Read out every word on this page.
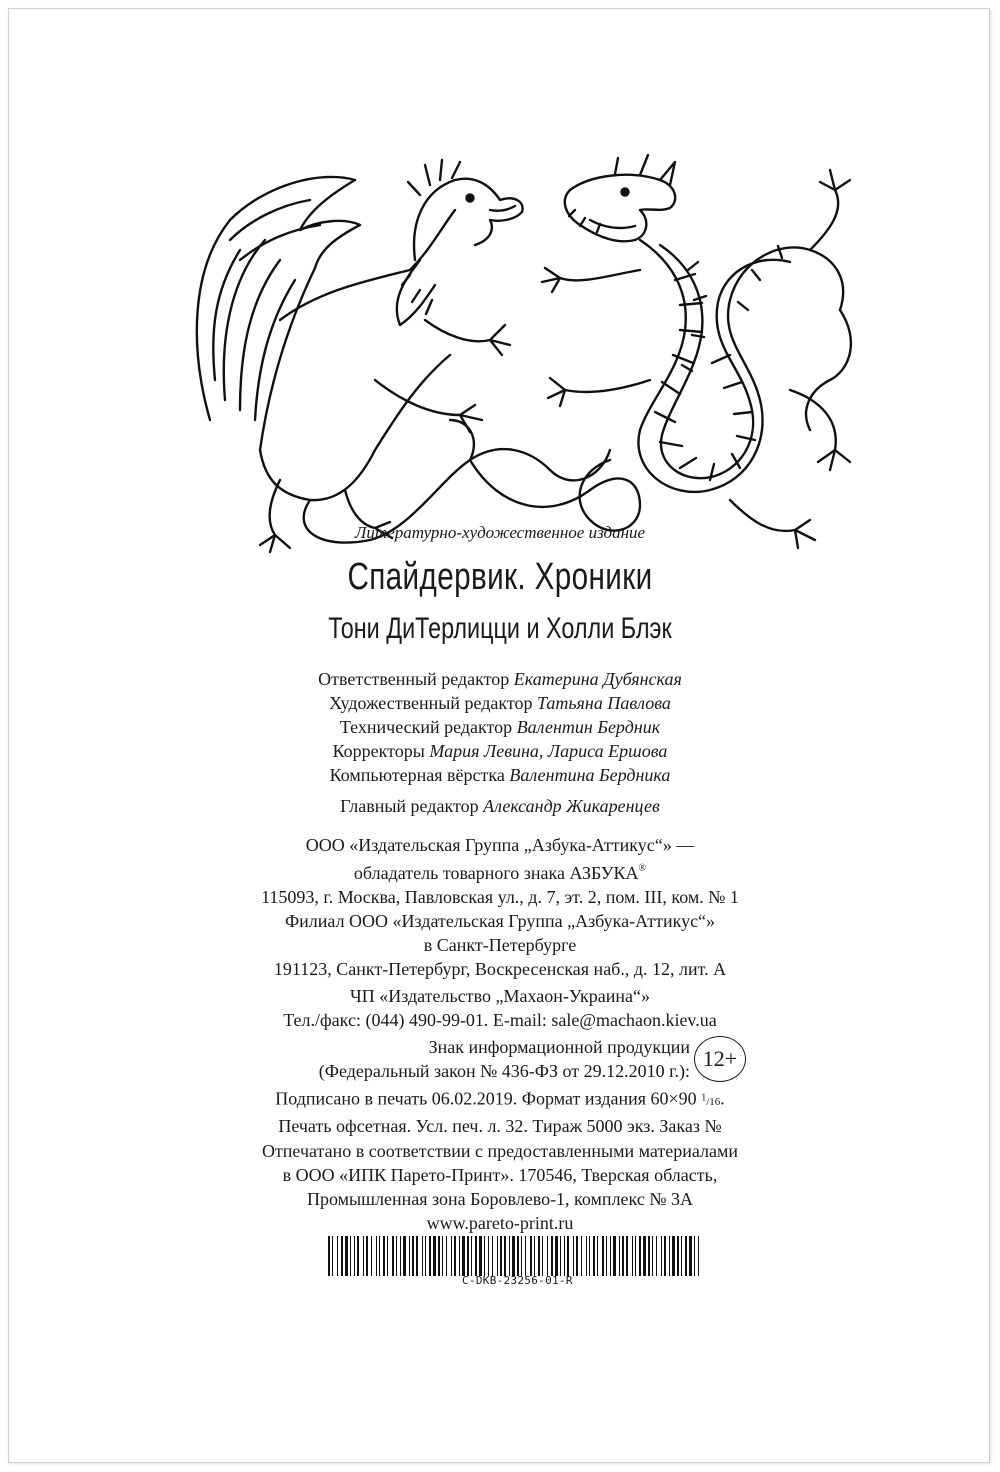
Литературно-художественное издание
Спайдервик. Хроники
Тони ДиТерлицци и Холли Блэк
Ответственный редактор Екатерина Дубянская
Художественный редактор Татьяна Павлова
Технический редактор Валентин Бердник
Корректоры Мария Левина, Лариса Ершова
Компьютерная вёрстка Валентина Бердника
Главный редактор Александр Жикаренцев
ООО «Издательская Группа „Азбука-Аттикус“» —
обладатель товарного знака АЗБУКА®
115093, г. Москва, Павловская ул., д. 7, эт. 2, пом. III, ком. № 1
Филиал ООО «Издательская Группа „Азбука-Аттикус“»
в Санкт-Петербурге
191123, Санкт-Петербург, Воскресенская наб., д. 12, лит. А
ЧП «Издательство „Махаон-Украина“»
Тел./факс: (044) 490-99-01. E-mail: sale@machaon.kiev.ua
Знак информационной продукции
(Федеральный закон № 436-ФЗ от 29.12.2010 г.): 12+
Подписано в печать 06.02.2019. Формат издания 60×90 $^1$/16.
Печать офсетная. Усл. печ. л. 32. Тираж 5000 экз. Заказ №
Отпечатано в соответствии с предоставленными материалами
в ООО «ИПК Парето-Принт». 170546, Тверская область,
Промышленная зона Боровлево-1, комплекс № 3А
www.pareto-print.ru
C-DKB-23256-01-R
